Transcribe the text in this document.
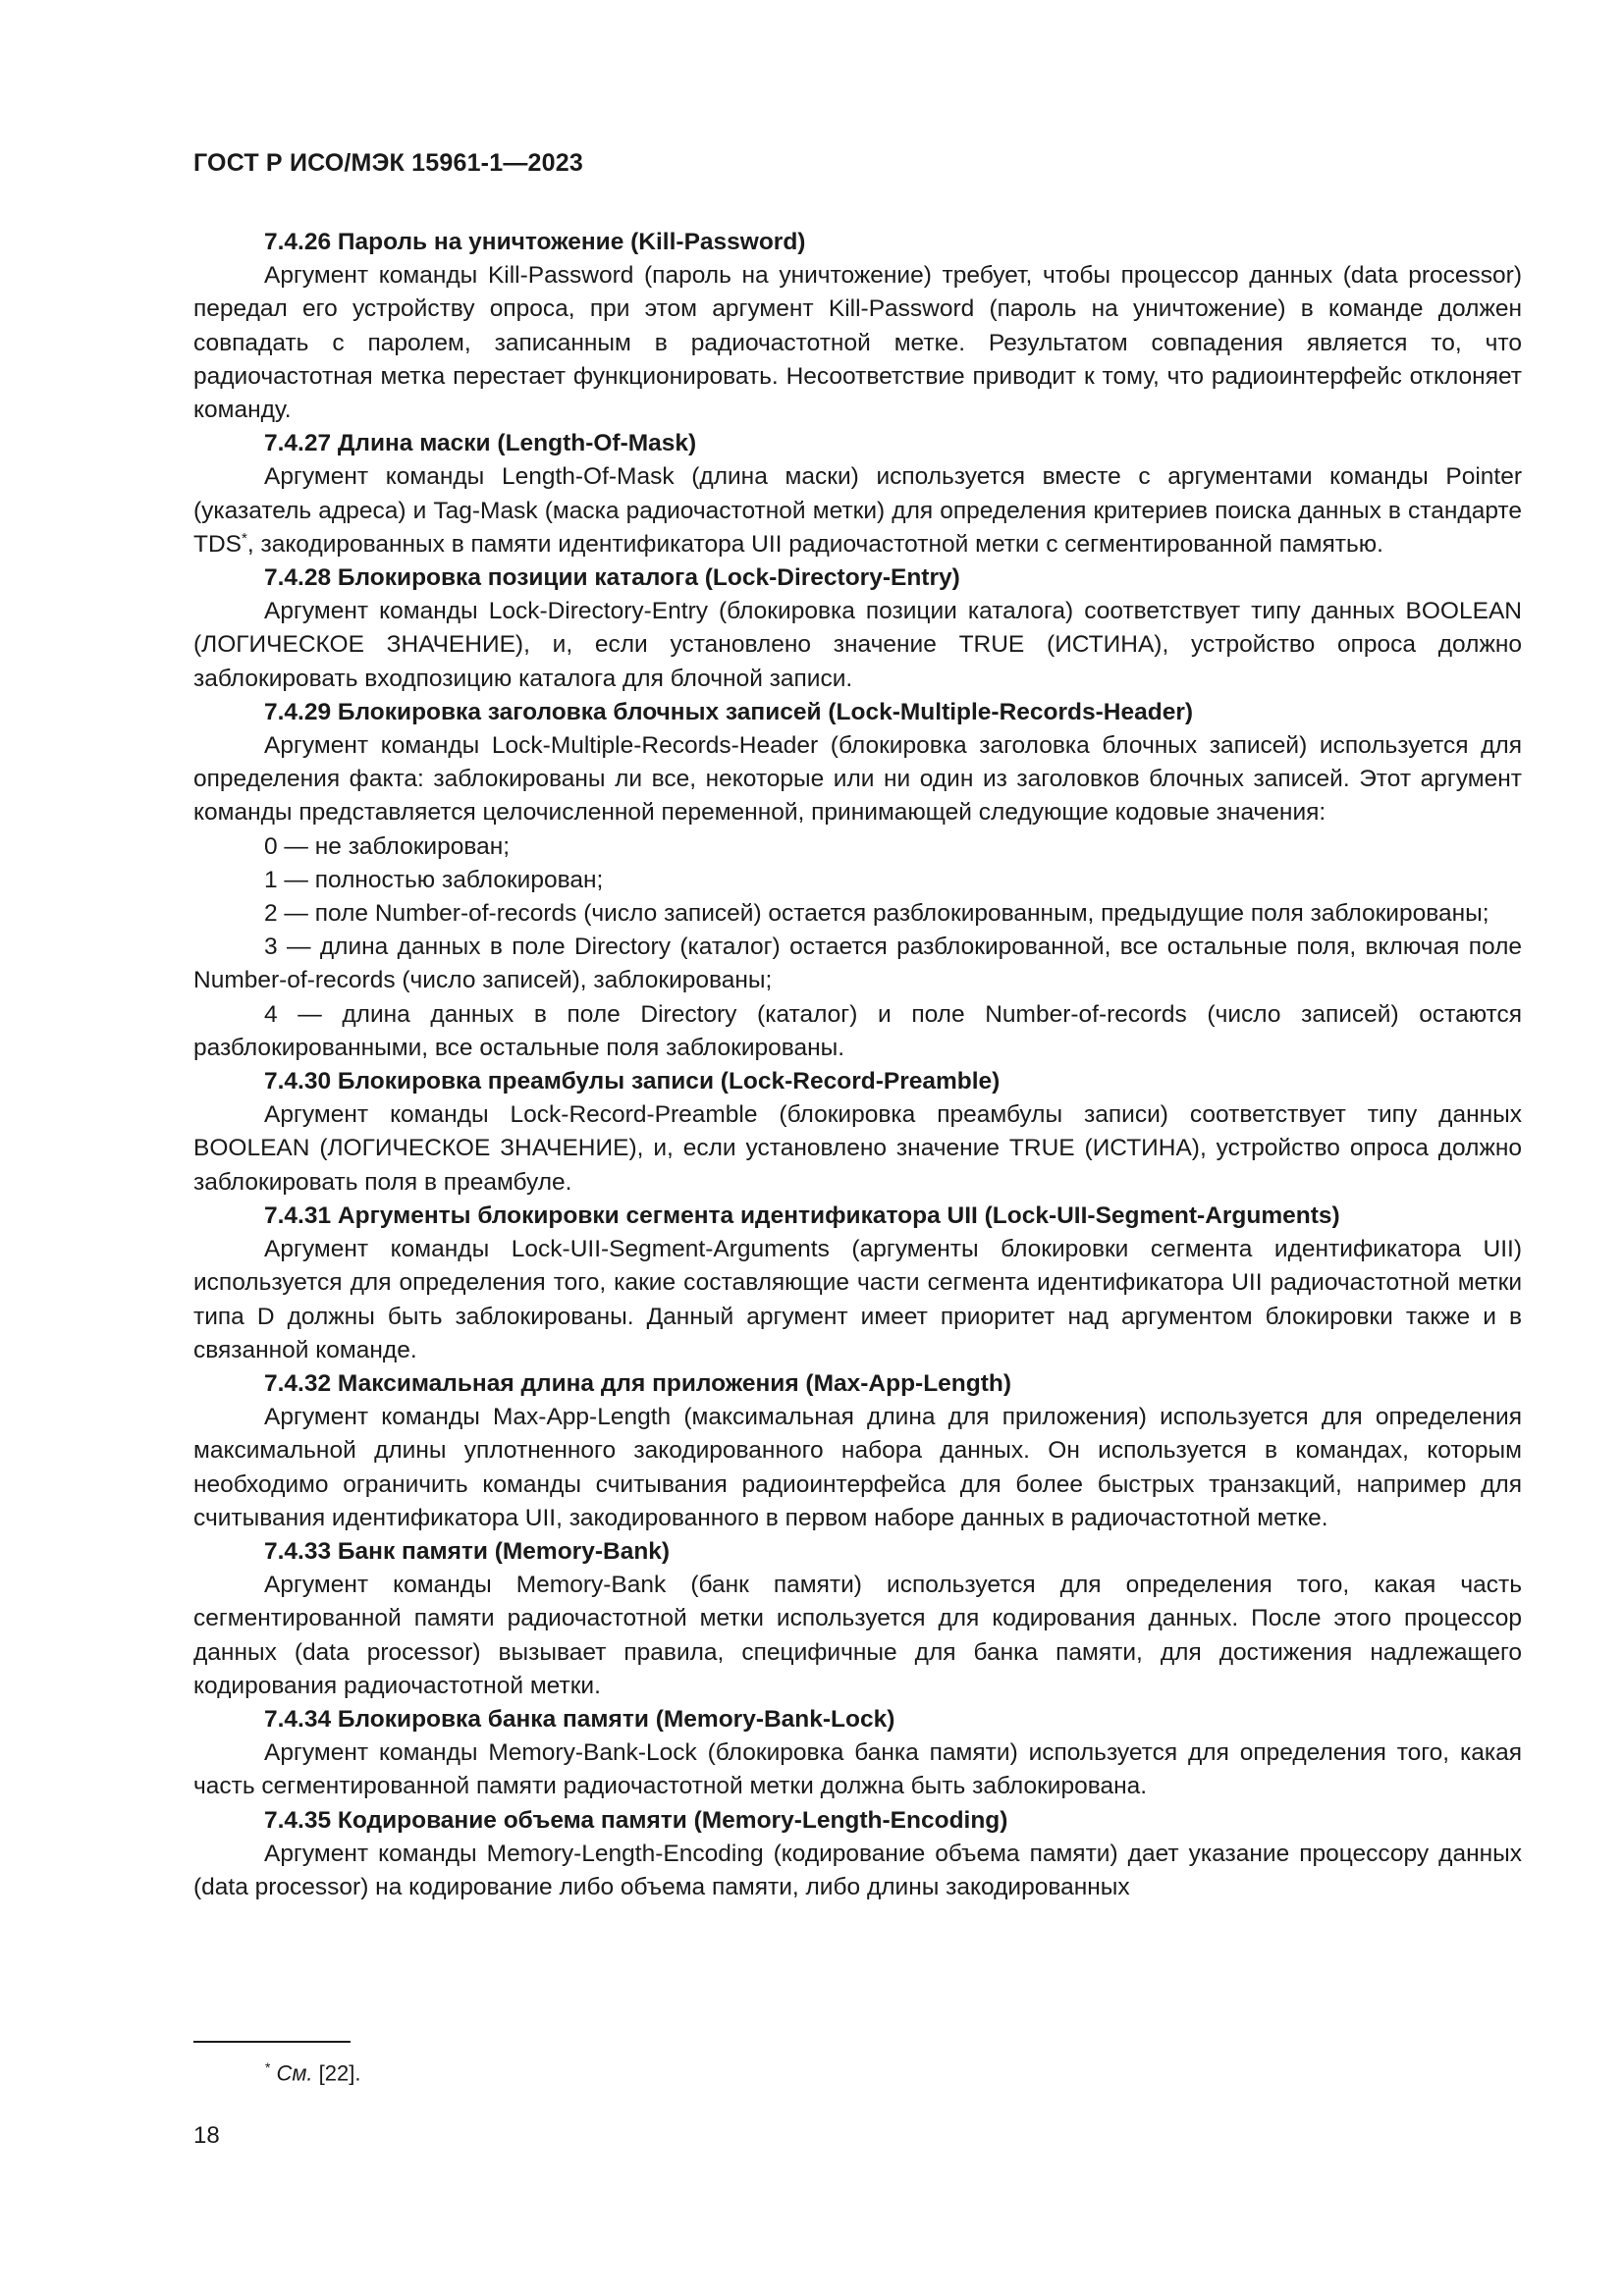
ГОСТ Р ИСО/МЭК 15961-1—2023
7.4.26 Пароль на уничтожение (Kill-Password)

Аргумент команды Kill-Password (пароль на уничтожение) требует, чтобы процессор данных (data processor) передал его устройству опроса, при этом аргумент Kill-Password (пароль на уничтожение) в команде должен совпадать с паролем, записанным в радиочастотной метке. Результатом совпадения является то, что радиочастотная метка перестает функционировать. Несоответствие приводит к тому, что радиоинтерфейс отклоняет команду.

7.4.27 Длина маски (Length-Of-Mask)

Аргумент команды Length-Of-Mask (длина маски) используется вместе с аргументами команды Pointer (указатель адреса) и Tag-Mask (маска радиочастотной метки) для определения критериев поиска данных в стандарте TDS*, закодированных в памяти идентификатора UII радиочастотной метки с сегментированной памятью.

7.4.28 Блокировка позиции каталога (Lock-Directory-Entry)

Аргумент команды Lock-Directory-Entry (блокировка позиции каталога) соответствует типу данных BOOLEAN (ЛОГИЧЕСКОЕ ЗНАЧЕНИЕ), и, если установлено значение TRUE (ИСТИНА), устройство опроса должно заблокировать входпозицию каталога для блочной записи.

7.4.29 Блокировка заголовка блочных записей (Lock-Multiple-Records-Header)

Аргумент команды Lock-Multiple-Records-Header (блокировка заголовка блочных записей) используется для определения факта: заблокированы ли все, некоторые или ни один из заголовков блочных записей. Этот аргумент команды представляется целочисленной переменной, принимающей следующие кодовые значения:

0 — не заблокирован;

1 — полностью заблокирован;

2 — поле Number-of-records (число записей) остается разблокированным, предыдущие поля заблокированы;

3 — длина данных в поле Directory (каталог) остается разблокированной, все остальные поля, включая поле Number-of-records (число записей), заблокированы;

4 — длина данных в поле Directory (каталог) и поле Number-of-records (число записей) остаются разблокированными, все остальные поля заблокированы.

7.4.30 Блокировка преамбулы записи (Lock-Record-Preamble)

Аргумент команды Lock-Record-Preamble (блокировка преамбулы записи) соответствует типу данных BOOLEAN (ЛОГИЧЕСКОЕ ЗНАЧЕНИЕ), и, если установлено значение TRUE (ИСТИНА), устройство опроса должно заблокировать поля в преамбуле.

7.4.31 Аргументы блокировки сегмента идентификатора UII (Lock-UII-Segment-Arguments)

Аргумент команды Lock-UII-Segment-Arguments (аргументы блокировки сегмента идентификатора UII) используется для определения того, какие составляющие части сегмента идентификатора UII радиочастотной метки типа D должны быть заблокированы. Данный аргумент имеет приоритет над аргументом блокировки также и в связанной команде.

7.4.32 Максимальная длина для приложения (Max-App-Length)

Аргумент команды Max-App-Length (максимальная длина для приложения) используется для определения максимальной длины уплотненного закодированного набора данных. Он используется в командах, которым необходимо ограничить команды считывания радиоинтерфейса для более быстрых транзакций, например для считывания идентификатора UII, закодированного в первом наборе данных в радиочастотной метке.

7.4.33 Банк памяти (Memory-Bank)

Аргумент команды Memory-Bank (банк памяти) используется для определения того, какая часть сегментированной памяти радиочастотной метки используется для кодирования данных. После этого процессор данных (data processor) вызывает правила, специфичные для банка памяти, для достижения надлежащего кодирования радиочастотной метки.

7.4.34 Блокировка банка памяти (Memory-Bank-Lock)

Аргумент команды Memory-Bank-Lock (блокировка банка памяти) используется для определения того, какая часть сегментированной памяти радиочастотной метки должна быть заблокирована.

7.4.35 Кодирование объема памяти (Memory-Length-Encoding)

Аргумент команды Memory-Length-Encoding (кодирование объема памяти) дает указание процессору данных (data processor) на кодирование либо объема памяти, либо длины закодированных

* См. [22].
18
